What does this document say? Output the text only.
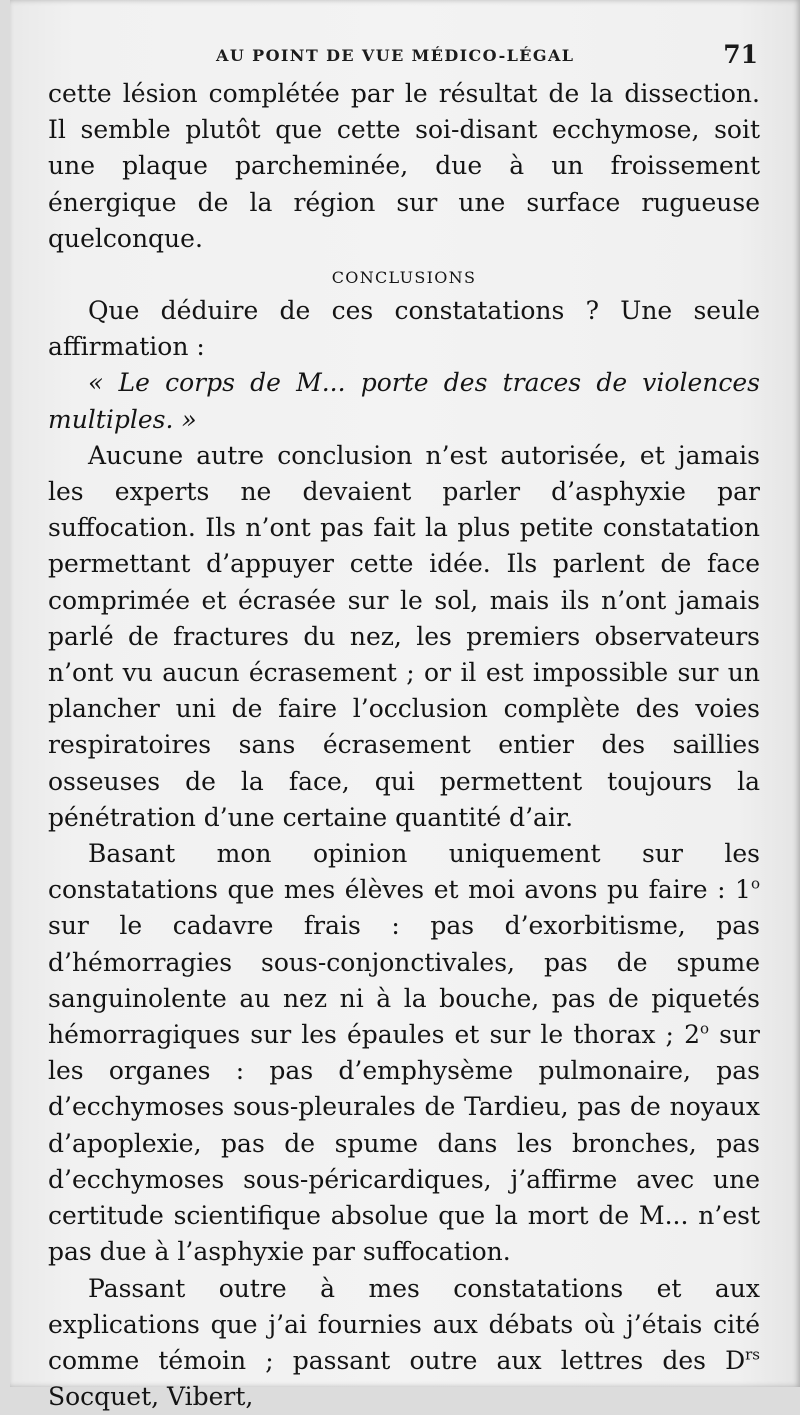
AU POINT DE VUE MÉDICO-LÉGAL	71

cette lésion complétée par le résultat de la dissection. Il semble plutôt que cette soi-disant ecchymose, soit une plaque parcheminée, due à un froissement énergique de la région sur une surface rugueuse quelconque.

CONCLUSIONS

Que déduire de ces constatations ? Une seule affirmation :

« Le corps de M... porte des traces de violences multiples. »

Aucune autre conclusion n’est autorisée, et jamais les experts ne devaient parler d’asphyxie par suffocation. Ils n’ont pas fait la plus petite constatation permettant d’appuyer cette idée. Ils parlent de face comprimée et écrasée sur le sol, mais ils n’ont jamais parlé de fractures du nez, les premiers observateurs n’ont vu aucun écrasement ; or il est impossible sur un plancher uni de faire l’occlusion complète des voies respiratoires sans écrasement entier des saillies osseuses de la face, qui permettent toujours la pénétration d’une certaine quantité d’air.

Basant mon opinion uniquement sur les constatations que mes élèves et moi avons pu faire : 1$^o$ sur le cadavre frais : pas d’exorbitisme, pas d’hémorragies sous-conjonctivales, pas de spume sanguinolente au nez ni à la bouche, pas de piquetés hémorragiques sur les épaules et sur le thorax ; 2$^o$ sur les organes : pas d’emphysème pulmonaire, pas d’ecchymoses sous-pleurales de Tardieu, pas de noyaux d’apoplexie, pas de spume dans les bronches, pas d’ecchymoses sous-péricardiques, j’affirme avec une certitude scientifique absolue que la mort de M... n’est pas due à l’asphyxie par suffocation.

Passant outre à mes constatations et aux explications que j’ai fournies aux débats où j’étais cité comme témoin ; passant outre aux lettres des $D^{rs}$ Socquet, Vibert,
